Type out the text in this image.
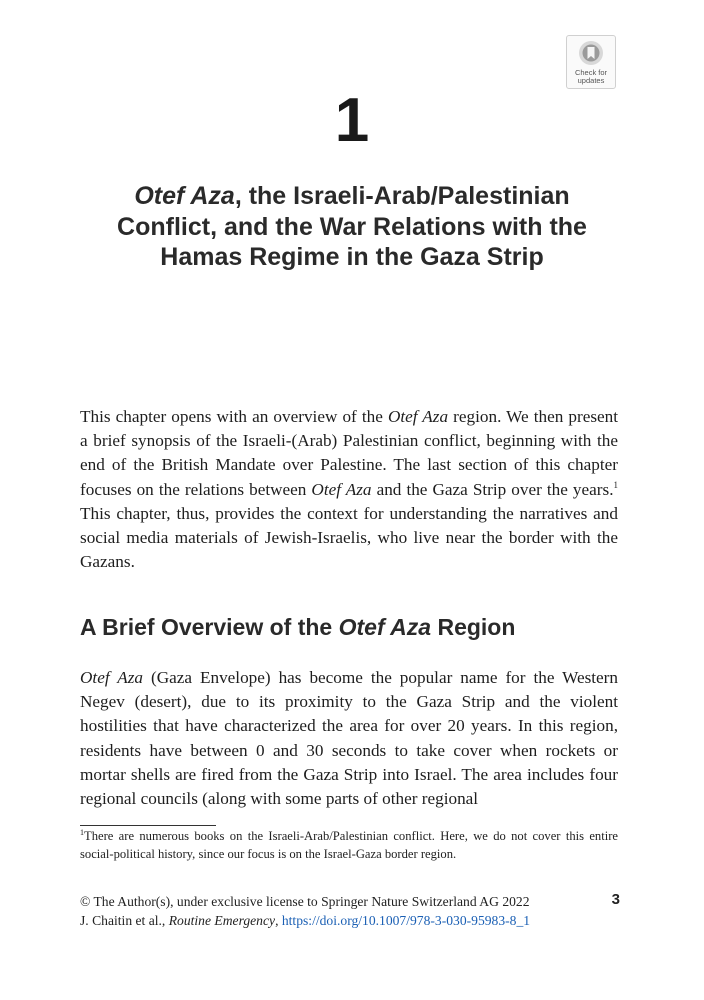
Check for
updates
1
Otef Aza, the Israeli-Arab/Palestinian Conflict, and the War Relations with the Hamas Regime in the Gaza Strip

This chapter opens with an overview of the Otef Aza region. We then present a brief synopsis of the Israeli-(Arab) Palestinian conflict, beginning with the end of the British Mandate over Palestine. The last section of this chapter focuses on the relations between Otef Aza and the Gaza Strip over the years.$^1$ This chapter, thus, provides the context for understanding the narratives and social media materials of Jewish-Israelis, who live near the border with the Gazans.

A Brief Overview of the Otef Aza Region

Otef Aza (Gaza Envelope) has become the popular name for the Western Negev (desert), due to its proximity to the Gaza Strip and the violent hostilities that have characterized the area for over 20 years. In this region, residents have between 0 and 30 seconds to take cover when rockets or mortar shells are fired from the Gaza Strip into Israel. The area includes four regional councils (along with some parts of other regional

$^1$There are numerous books on the Israeli-Arab/Palestinian conflict. Here, we do not cover this entire social-political history, since our focus is on the Israel-Gaza border region.

© The Author(s), under exclusive license to Springer Nature Switzerland AG 2022
J. Chaitin et al., Routine Emergency, https://doi.org/10.1007/978-3-030-95983-8_1
3
